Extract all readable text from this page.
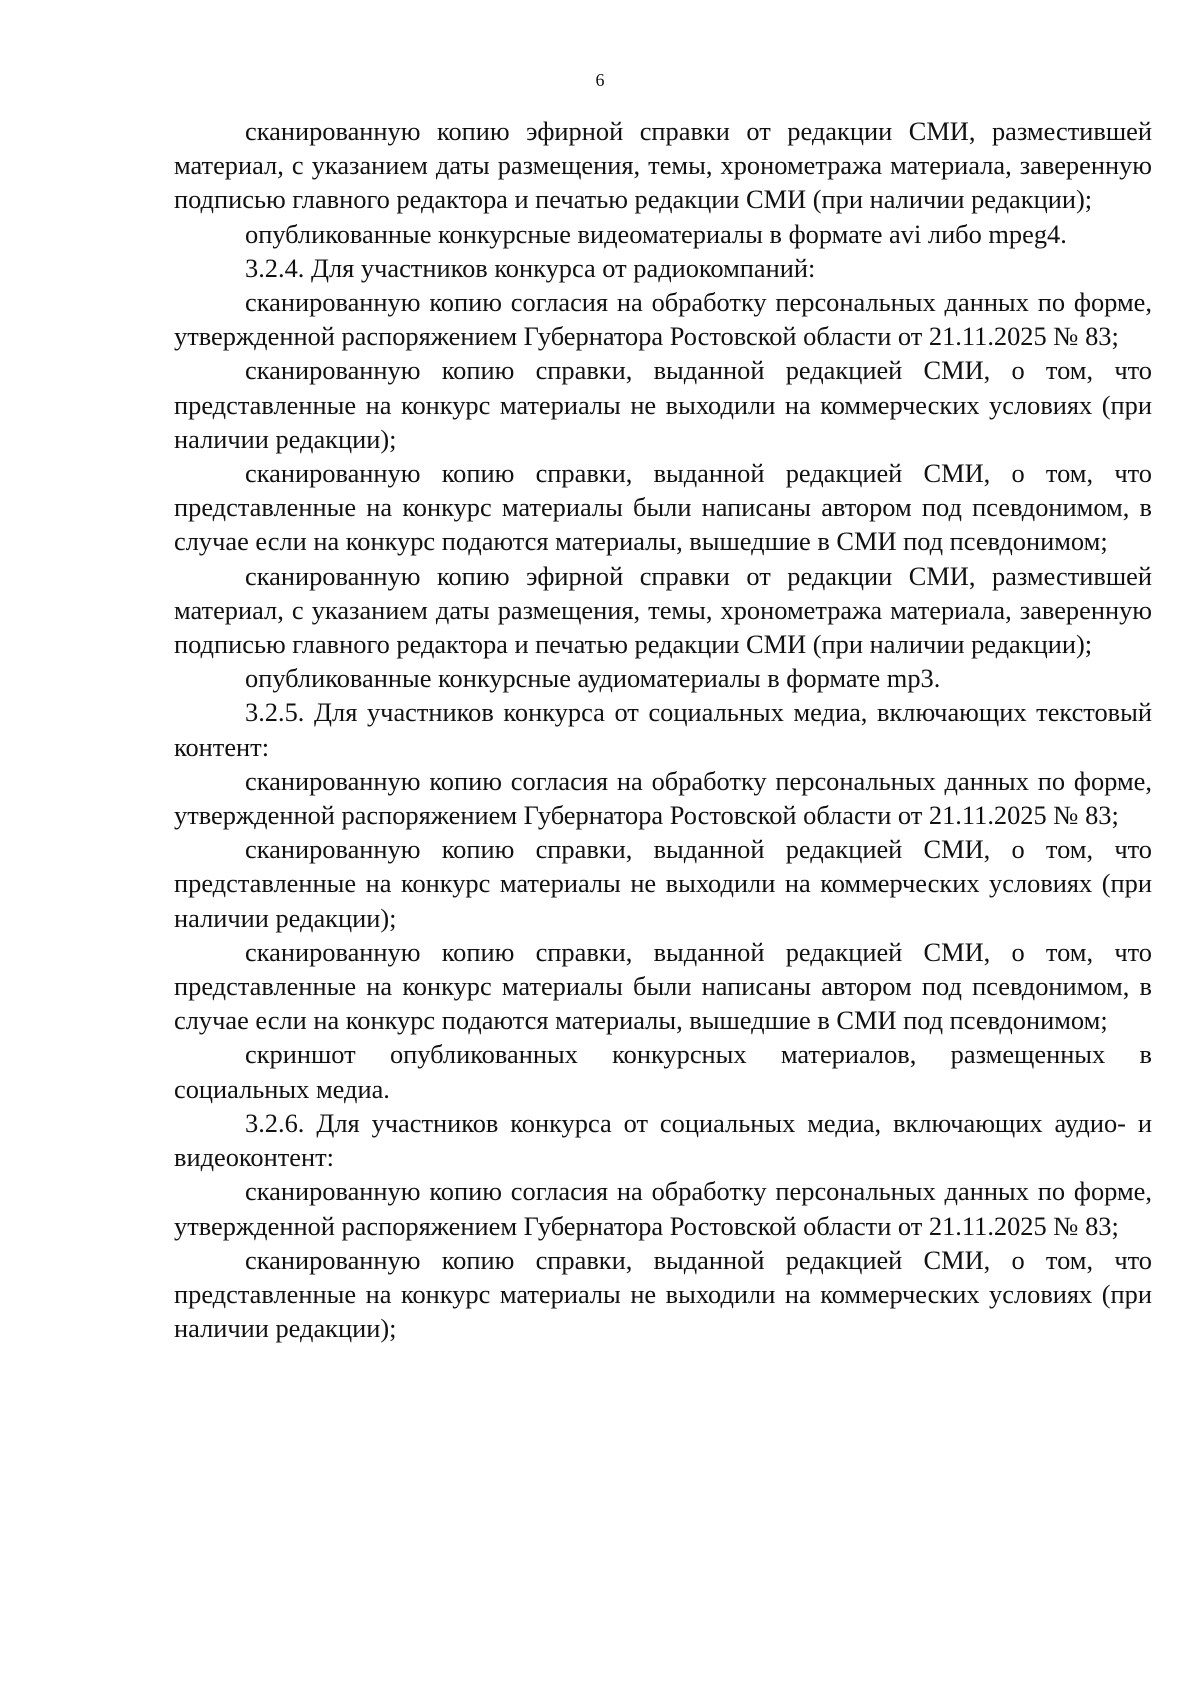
6

сканированную копию эфирной справки от редакции СМИ, разместившей материал, с указанием даты размещения, темы, хронометража материала, заверенную подписью главного редактора и печатью редакции СМИ (при наличии редакции);

опубликованные конкурсные видеоматериалы в формате avi либо mpeg4.

3.2.4. Для участников конкурса от радиокомпаний:

сканированную копию согласия на обработку персональных данных по форме, утвержденной распоряжением Губернатора Ростовской области от 21.11.2025 № 83;

сканированную копию справки, выданной редакцией СМИ, о том, что представленные на конкурс материалы не выходили на коммерческих условиях (при наличии редакции);

сканированную копию справки, выданной редакцией СМИ, о том, что представленные на конкурс материалы были написаны автором под псевдонимом, в случае если на конкурс подаются материалы, вышедшие в СМИ под псевдонимом;

сканированную копию эфирной справки от редакции СМИ, разместившей материал, с указанием даты размещения, темы, хронометража материала, заверенную подписью главного редактора и печатью редакции СМИ (при наличии редакции);

опубликованные конкурсные аудиоматериалы в формате mp3.

3.2.5. Для участников конкурса от социальных медиа, включающих текстовый контент:

сканированную копию согласия на обработку персональных данных по форме, утвержденной распоряжением Губернатора Ростовской области от 21.11.2025 № 83;

сканированную копию справки, выданной редакцией СМИ, о том, что представленные на конкурс материалы не выходили на коммерческих условиях (при наличии редакции);

сканированную копию справки, выданной редакцией СМИ, о том, что представленные на конкурс материалы были написаны автором под псевдонимом, в случае если на конкурс подаются материалы, вышедшие в СМИ под псевдонимом;

скриншот опубликованных конкурсных материалов, размещенных в социальных медиа.

3.2.6. Для участников конкурса от социальных медиа, включающих аудио- и видеоконтент:

сканированную копию согласия на обработку персональных данных по форме, утвержденной распоряжением Губернатора Ростовской области от 21.11.2025 № 83;

сканированную копию справки, выданной редакцией СМИ, о том, что представленные на конкурс материалы не выходили на коммерческих условиях (при наличии редакции);
